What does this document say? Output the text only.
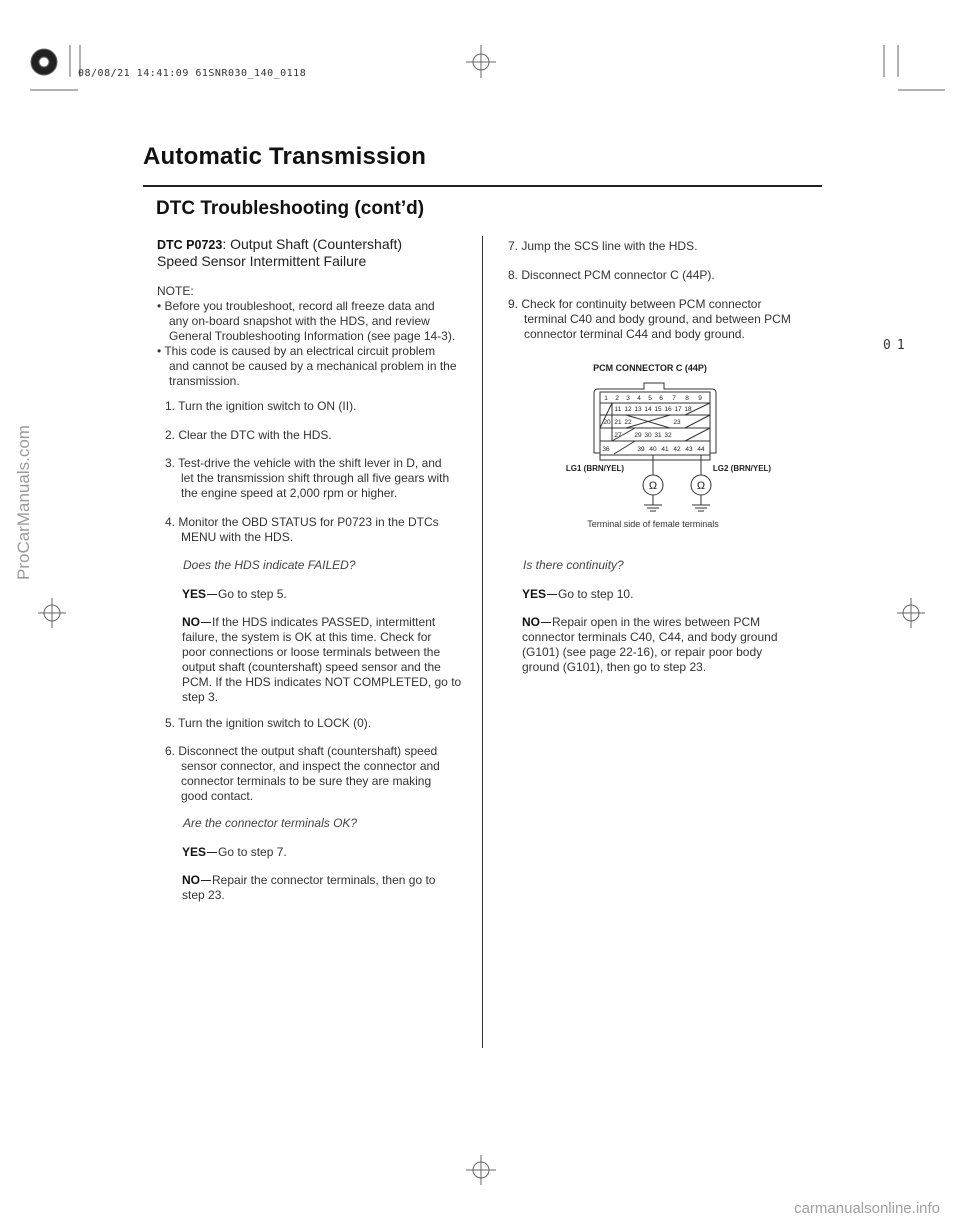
08/08/21 14:41:09 61SNR030_140_0118
01
Automatic Transmission
DTC Troubleshooting (cont’d)
DTC P0723: Output Shaft (Countershaft)
Speed Sensor Intermittent Failure
NOTE:
• Before you troubleshoot, record all freeze data and
any on-board snapshot with the HDS, and review
General Troubleshooting Information (see page 14-3).
• This code is caused by an electrical circuit problem
and cannot be caused by a mechanical problem in the
transmission.
1. Turn the ignition switch to ON (II).
2. Clear the DTC with the HDS.
3. Test-drive the vehicle with the shift lever in D, and
let the transmission shift through all five gears with
the engine speed at 2,000 rpm or higher.
4. Monitor the OBD STATUS for P0723 in the DTCs
MENU with the HDS.
Does the HDS indicate FAILED?
YES Go to step 5.
NO If the HDS indicates PASSED, intermittent
failure, the system is OK at this time. Check for
poor connections or loose terminals between the
output shaft (countershaft) speed sensor and the
PCM. If the HDS indicates NOT COMPLETED, go to
step 3.
5. Turn the ignition switch to LOCK (0).
6. Disconnect the output shaft (countershaft) speed
sensor connector, and inspect the connector and
connector terminals to be sure they are making
good contact.
Are the connector terminals OK?
YES Go to step 7.
NO Repair the connector terminals, then go to
step 23.
7. Jump the SCS line with the HDS.
8. Disconnect PCM connector C (44P).
9. Check for continuity between PCM connector
terminal C40 and body ground, and between PCM
connector terminal C44 and body ground.
PCM CONNECTOR C (44P)
1 2 3 4 5 6 7 8 9
11 12 13 14 15 16 17 18
20 21 22	23
27 29 30 31 32
36	39 40 41 42 43 44
Ω	Ω
LG1 (BRN/YEL)	LG2 (BRN/YEL)
Terminal side of female terminals
Is there continuity?
YES Go to step 10.
NO Repair open in the wires between PCM
connector terminals C40, C44, and body ground
(G101) (see page 22-16), or repair poor body
ground (G101), then go to step 23.
ProCarManuals.com
carmanualsonline.info
